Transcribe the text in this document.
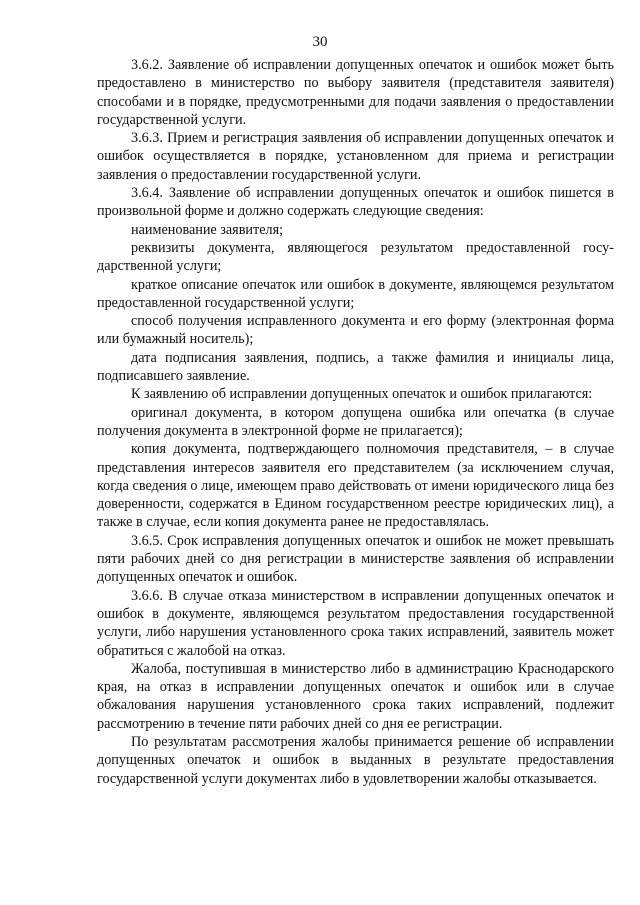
30

3.6.2. Заявление об исправлении допущенных опечаток и ошибок может быть предоставлено в министерство по выбору заявителя (представителя заявителя) способами и в порядке, предусмотренными для подачи заявления о предоставлении государственной услуги.

3.6.3. Прием и регистрация заявления об исправлении допущенных опечаток и ошибок осуществляется в порядке, установленном для приема и регистрации заявления о предоставлении государственной услуги.

3.6.4. Заявление об исправлении допущенных опечаток и ошибок пишется в произвольной форме и должно содержать следующие сведения:

наименование заявителя;

реквизиты документа, являющегося результатом предоставленной государственной услуги;

краткое описание опечаток или ошибок в документе, являющемся результатом предоставленной государственной услуги;

способ получения исправленного документа и его форму (электронная форма или бумажный носитель);

дата подписания заявления, подпись, а также фамилия и инициалы лица, подписавшего заявление.

К заявлению об исправлении допущенных опечаток и ошибок прилагаются:

оригинал документа, в котором допущена ошибка или опечатка (в случае получения документа в электронной форме не прилагается);

копия документа, подтверждающего полномочия представителя, – в случае представления интересов заявителя его представителем (за исключением случая, когда сведения о лице, имеющем право действовать от имени юридического лица без доверенности, содержатся в Едином государственном реестре юридических лиц), а также в случае, если копия документа ранее не предоставлялась.

3.6.5. Срок исправления допущенных опечаток и ошибок не может превышать пяти рабочих дней со дня регистрации в министерстве заявления об исправлении допущенных опечаток и ошибок.

3.6.6. В случае отказа министерством в исправлении допущенных опечаток и ошибок в документе, являющемся результатом предоставления государственной услуги, либо нарушения установленного срока таких исправлений, заявитель может обратиться с жалобой на отказ.

Жалоба, поступившая в министерство либо в администрацию Краснодарского края, на отказ в исправлении допущенных опечаток и ошибок или в случае обжалования нарушения установленного срока таких исправлений, подлежит рассмотрению в течение пяти рабочих дней со дня ее регистрации.

По результатам рассмотрения жалобы принимается решение об исправлении допущенных опечаток и ошибок в выданных в результате предоставления государственной услуги документах либо в удовлетворении жалобы отказывается.
